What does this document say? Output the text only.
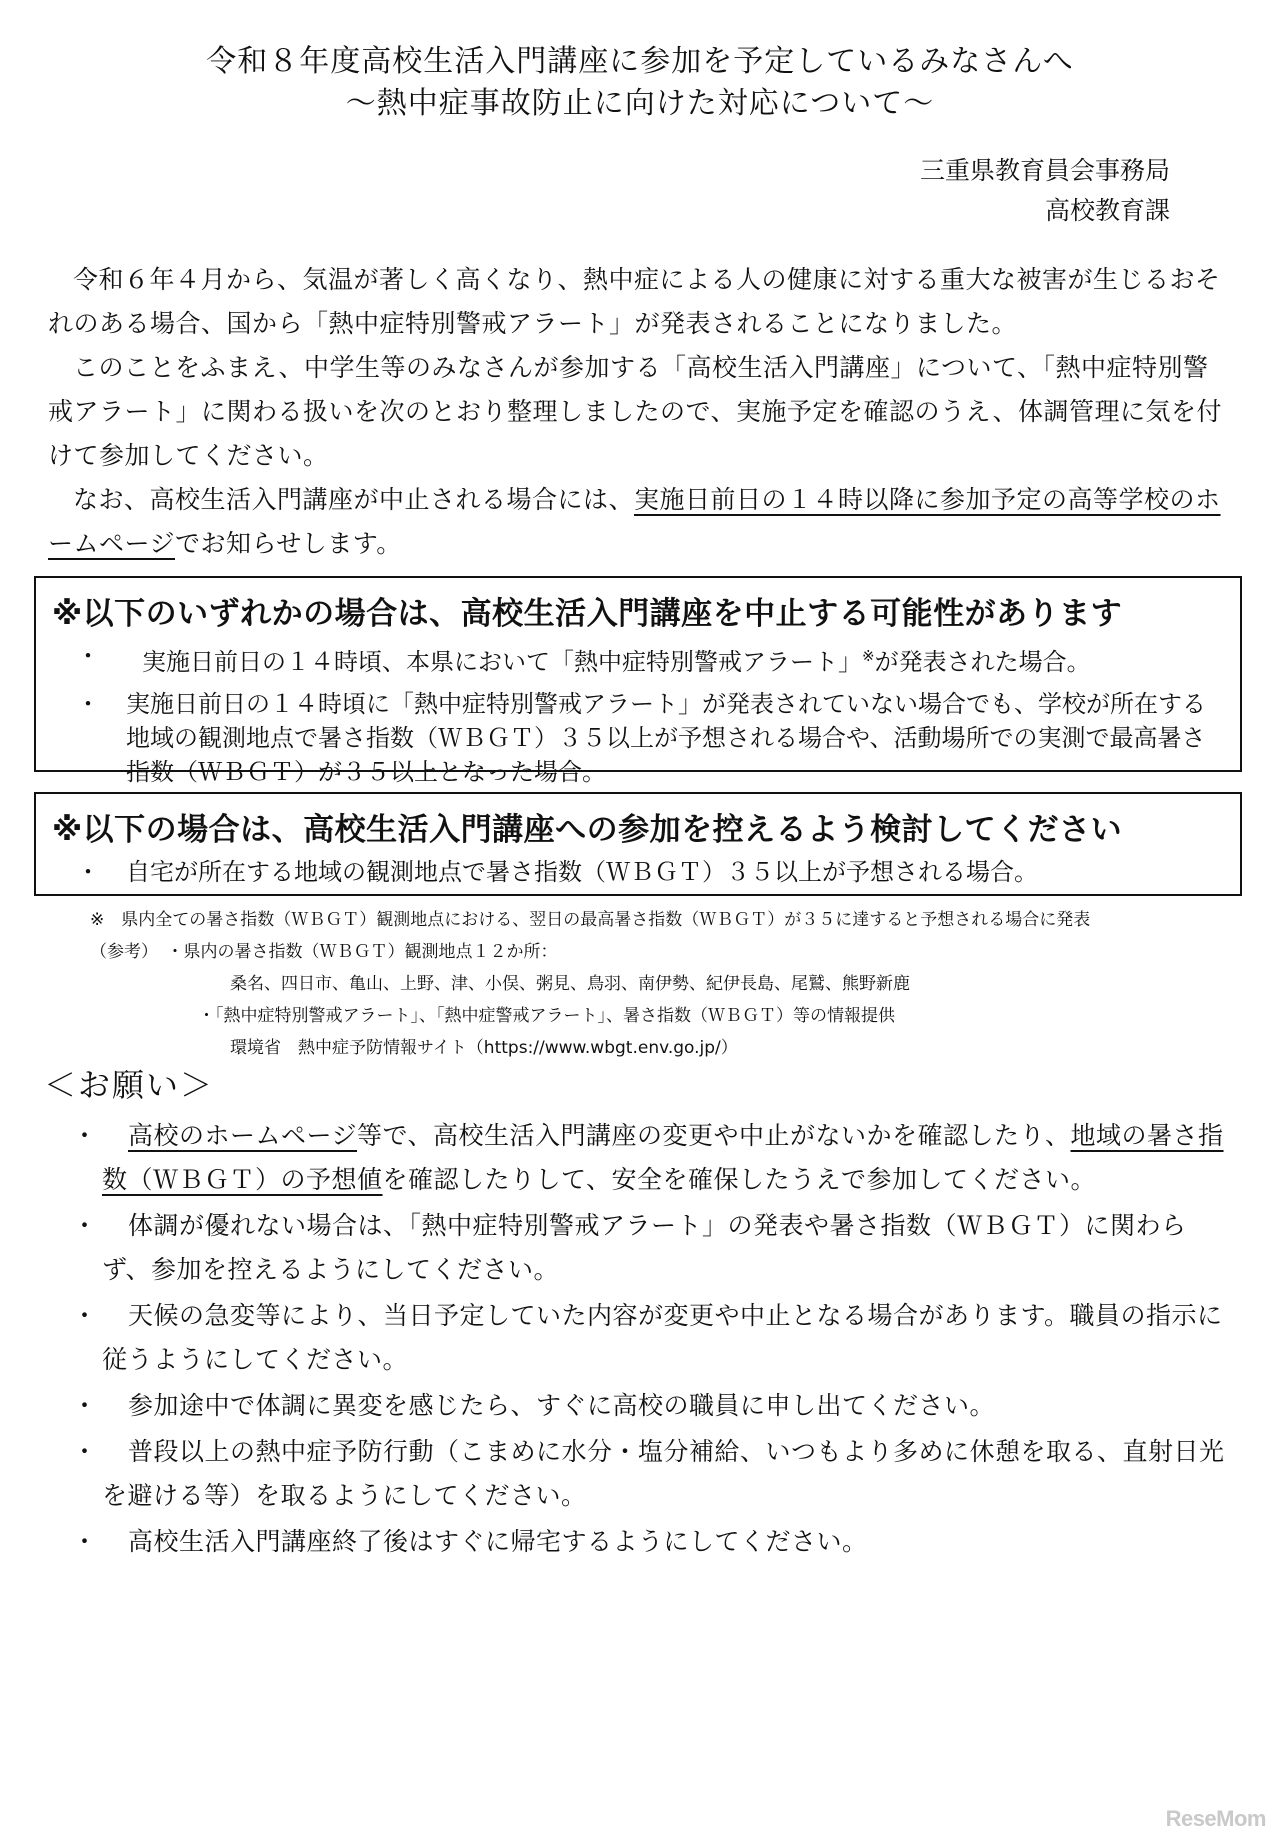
令和８年度高校生活入門講座に参加を予定しているみなさんへ
～熱中症事故防止に向けた対応について～
三重県教育員会事務局
高校教育課

令和６年４月から、気温が著しく高くなり、熱中症による人の健康に対する重大な被害が生じるおそれのある場合、国から「熱中症特別警戒アラート」が発表されることになりました。

このことをふまえ、中学生等のみなさんが参加する「高校生活入門講座」について、「熱中症特別警戒アラート」に関わる扱いを次のとおり整理しましたので、実施予定を確認のうえ、体調管理に気を付けて参加してください。

なお、高校生活入門講座が中止される場合には、実施日前日の１４時以降に参加予定の高等学校のホームページでお知らせします。

※以下のいずれかの場合は、高校生活入門講座を中止する可能性があります
・ 実施日前日の１４時頃、本県において「熱中症特別警戒アラート」※が発表された場合。
・ 実施日前日の１４時頃に「熱中症特別警戒アラート」が発表されていない場合でも、学校が所在する地域の観測地点で暑さ指数（ＷＢＧＴ）３５以上が予想される場合や、活動場所での実測で最高暑さ指数（ＷＢＧＴ）が３５以上となった場合。
※以下の場合は、高校生活入門講座への参加を控えるよう検討してください
・ 自宅が所在する地域の観測地点で暑さ指数（ＷＢＧＴ）３５以上が予想される場合。
※　県内全ての暑さ指数（ＷＢＧＴ）観測地点における、翌日の最高暑さ指数（ＷＢＧＴ）が３５に達すると予想される場合に発表
（参考）　・県内の暑さ指数（ＷＢＧＴ）観測地点１２か所：
桑名、四日市、亀山、上野、津、小俣、粥見、鳥羽、南伊勢、紀伊長島、尾鷲、熊野新鹿
・「熱中症特別警戒アラート」、「熱中症警戒アラート」、暑さ指数（ＷＢＧＴ）等の情報提供
環境省　熱中症予防情報サイト（https://www.wbgt.env.go.jp/）
＜お願い＞
・ 高校のホームページ等で、高校生活入門講座の変更や中止がないかを確認したり、地域の暑さ指数（ＷＢＧＴ）の予想値を確認したりして、安全を確保したうえで参加してください。
・ 体調が優れない場合は、「熱中症特別警戒アラート」の発表や暑さ指数（ＷＢＧＴ）に関わらず、参加を控えるようにしてください。
・ 天候の急変等により、当日予定していた内容が変更や中止となる場合があります。職員の指示に従うようにしてください。
・ 参加途中で体調に異変を感じたら、すぐに高校の職員に申し出てください。
・ 普段以上の熱中症予防行動（こまめに水分・塩分補給、いつもより多めに休憩を取る、直射日光を避ける等）を取るようにしてください。
・ 高校生活入門講座終了後はすぐに帰宅するようにしてください。
ReseMom
